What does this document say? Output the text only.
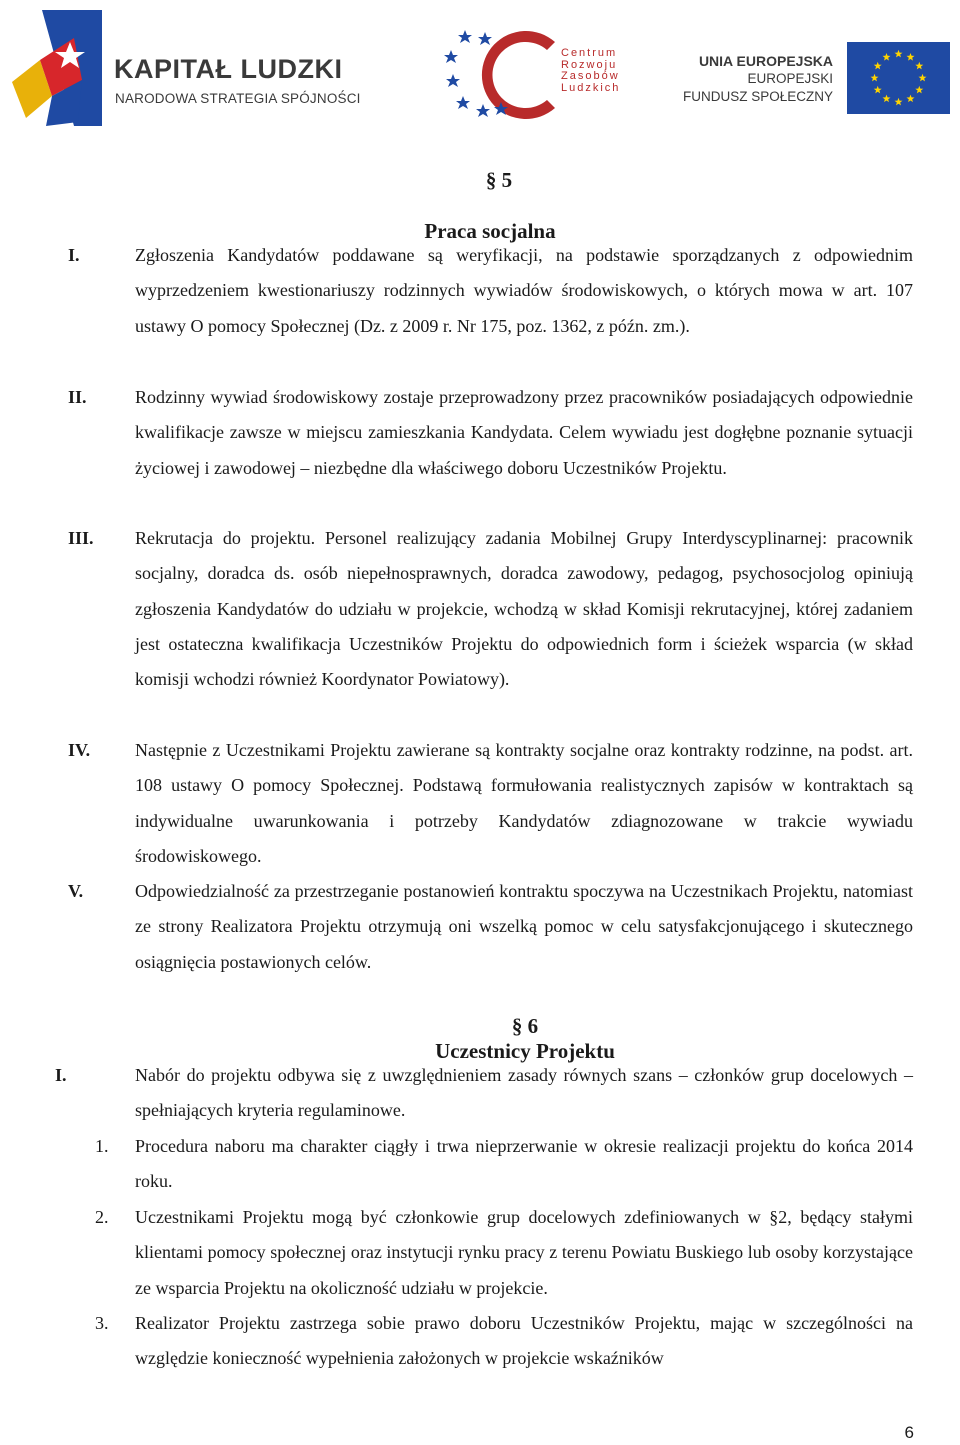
KAPITAŁ LUDZKI
NARODOWA STRATEGIA SPÓJNOŚCI
Centrum
Rozwoju
Zasobów
Ludzkich
UNIA EUROPEJSKA
EUROPEJSKI
FUNDUSZ SPOŁECZNY
§ 5
Praca socjalna
I.	Zgłoszenia Kandydatów poddawane są weryfikacji, na podstawie sporządzanych z odpowiednim wyprzedzeniem kwestionariuszy rodzinnych wywiadów środowiskowych, o których mowa w art. 107 ustawy O pomocy Społecznej (Dz. z 2009 r. Nr 175, poz. 1362, z późn. zm.).

II.	Rodzinny wywiad środowiskowy zostaje przeprowadzony przez pracowników posiadających odpowiednie kwalifikacje zawsze w miejscu zamieszkania Kandydata. Celem wywiadu jest dogłębne poznanie sytuacji życiowej i zawodowej – niezbędne dla właściwego doboru Uczestników Projektu.

III. Rekrutacja do projektu. Personel realizujący zadania Mobilnej Grupy Interdyscyplinarnej: pracownik socjalny, doradca ds. osób niepełnosprawnych, doradca zawodowy, pedagog, psychosocjolog opiniują zgłoszenia Kandydatów do udziału w projekcie, wchodzą w skład Komisji rekrutacyjnej, której zadaniem jest ostateczna kwalifikacja Uczestników Projektu do odpowiednich form i ścieżek wsparcia (w skład komisji wchodzi również Koordynator Powiatowy).

IV. Następnie z Uczestnikami Projektu zawierane są kontrakty socjalne oraz kontrakty rodzinne, na podst. art. 108 ustawy O pomocy Społecznej. Podstawą formułowania realistycznych zapisów w kontraktach są indywidualne uwarunkowania i potrzeby Kandydatów zdiagnozowane w trakcie wywiadu środowiskowego.

V.	Odpowiedzialność za przestrzeganie postanowień kontraktu spoczywa na Uczestnikach Projektu, natomiast ze strony Realizatora Projektu otrzymują oni wszelką pomoc w celu satysfakcjonującego i skutecznego osiągnięcia postawionych celów.

§ 6
Uczestnicy Projektu
I.	Nabór do projektu odbywa się z uwzględnieniem zasady równych szans – członków grup docelowych – spełniających kryteria regulaminowe.

1. Procedura naboru ma charakter ciągły i trwa nieprzerwanie w okresie realizacji projektu do końca 2014 roku.

2. Uczestnikami Projektu mogą być członkowie grup docelowych zdefiniowanych w §2, będący stałymi klientami pomocy społecznej oraz instytucji rynku pracy z terenu Powiatu Buskiego lub osoby korzystające ze wsparcia Projektu na okoliczność udziału w projekcie.

3. Realizator Projektu zastrzega sobie prawo doboru Uczestników Projektu, mając w szczególności na względzie konieczność wypełnienia założonych w projekcie wskaźników

6
